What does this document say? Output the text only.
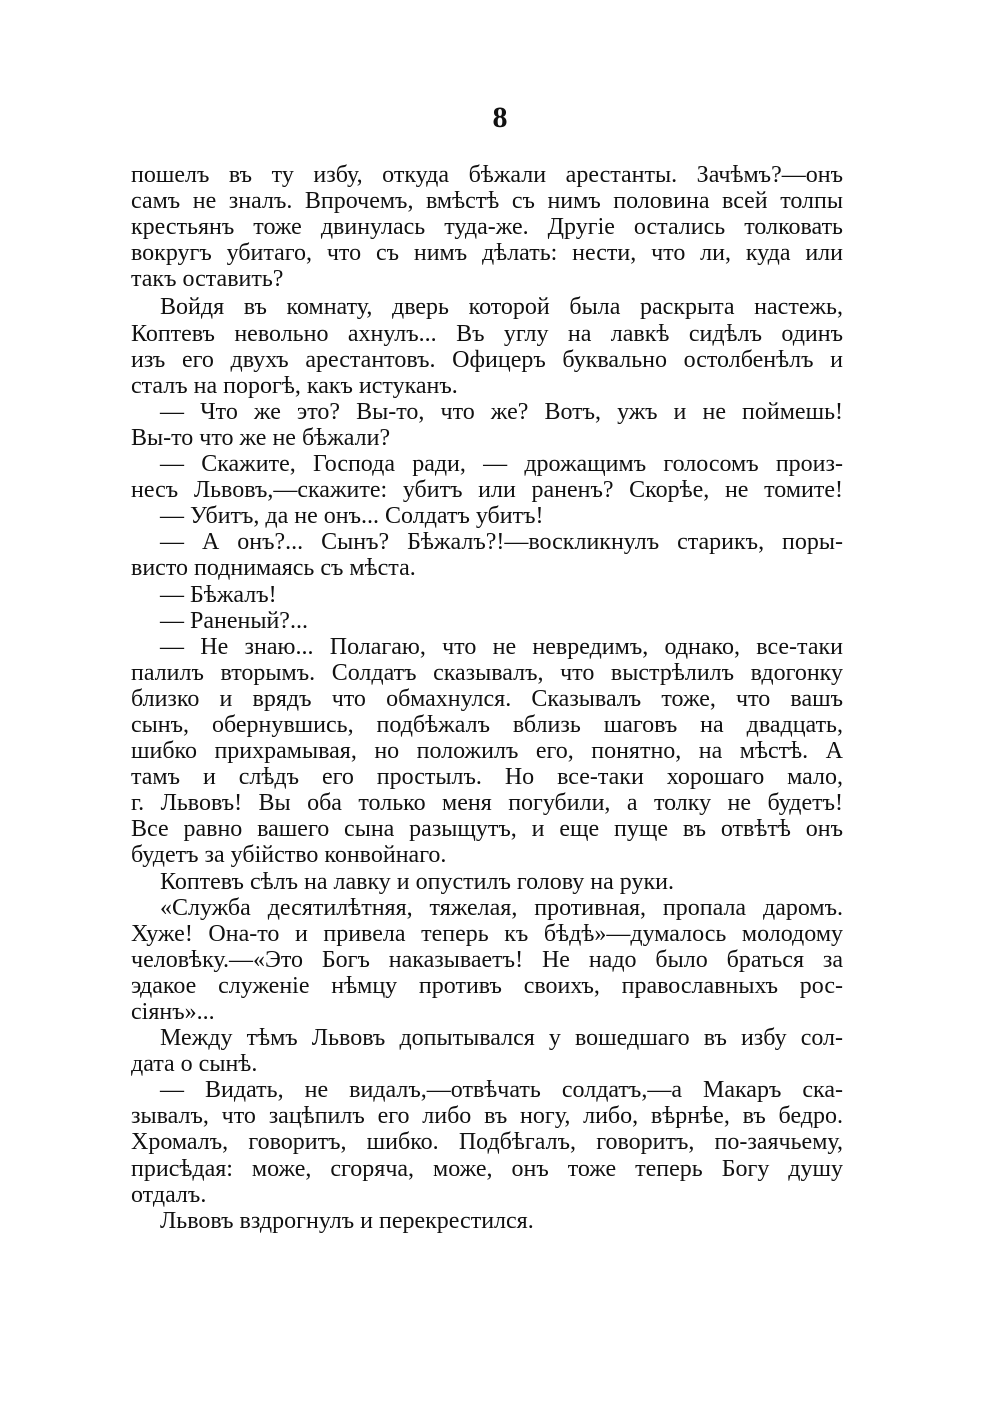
8
пошелъ въ ту избу, откуда бѣжали арестанты. Зачѣмъ?—онъ
самъ не зналъ. Впрочемъ, вмѣстѣ съ нимъ половина всей толпы
крестьянъ тоже двинулась туда-же. Другіе остались толковать
вокругъ убитаго, что съ нимъ дѣлать: нести, что ли, куда или
такъ оставить?
Войдя въ комнату, дверь которой была раскрыта настежь,
Коптевъ невольно ахнулъ... Въ углу на лавкѣ сидѣлъ одинъ
изъ его двухъ арестантовъ. Офицеръ буквально остолбенѣлъ и
сталъ на порогѣ, какъ истуканъ.
— Что же это? Вы-то, что же? Вотъ, ужъ и не поймешь!
Вы-то что же не бѣжали?
— Скажите, Господа ради, — дрожащимъ голосомъ произ-
несъ Львовъ,—скажите: убитъ или раненъ? Скорѣе, не томите!
— Убитъ, да не онъ... Солдатъ убитъ!
— А онъ?... Сынъ? Бѣжалъ?!—воскликнулъ старикъ, поры-
висто поднимаясь съ мѣста.
— Бѣжалъ!
— Раненый?...
— Не знаю... Полагаю, что не невредимъ, однако, все-таки
палилъ вторымъ. Солдатъ сказывалъ, что выстрѣлилъ вдогонку
близко и врядъ что обмахнулся. Сказывалъ тоже, что вашъ
сынъ, обернувшись, подбѣжалъ вблизь шаговъ на двадцать,
шибко прихрамывая, но положилъ его, понятно, на мѣстѣ. А
тамъ и слѣдъ его простылъ. Но все-таки хорошаго мало,
г. Львовъ! Вы оба только меня погубили, а толку не будетъ!
Все равно вашего сына разыщутъ, и еще пуще въ отвѣтѣ онъ
будетъ за убійство конвойнаго.
Коптевъ сѣлъ на лавку и опустилъ голову на руки.
«Служба десятилѣтняя, тяжелая, противная, пропала даромъ.
Хуже! Она-то и привела теперь къ бѣдѣ»—думалось молодому
человѣку.—«Это Богъ наказываетъ! Не надо было браться за
эдакое служеніе нѣмцу противъ своихъ, православныхъ рос-
сіянъ»...
Между тѣмъ Львовъ допытывался у вошедшаго въ избу сол-
дата о сынѣ.
— Видать, не видалъ,—отвѣчать солдатъ,—а Макаръ ска-
зывалъ, что зацѣпилъ его либо въ ногу, либо, вѣрнѣе, въ бедро.
Хромалъ, говоритъ, шибко. Подбѣгалъ, говоритъ, по-заячьему,
присѣдая: може, сгоряча, може, онъ тоже теперь Богу душу
отдалъ.
Львовъ вздрогнулъ и перекрестился.
